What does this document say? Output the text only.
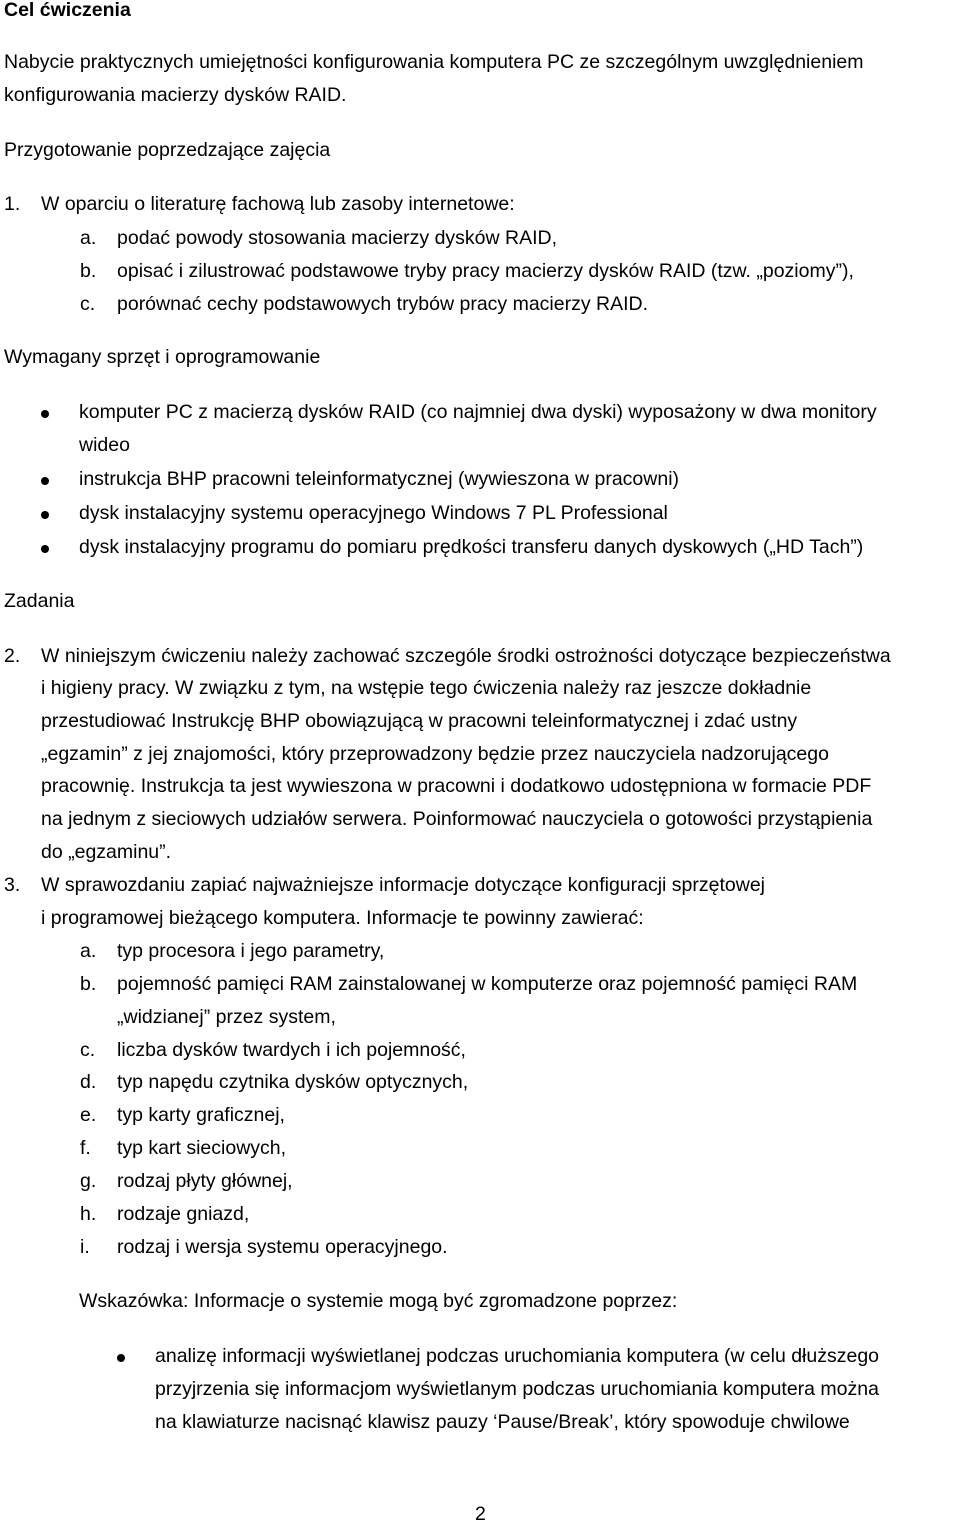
Cel ćwiczenia
Nabycie praktycznych umiejętności konfigurowania komputera PC ze szczególnym uwzględnieniem
konfigurowania macierzy dysków RAID.
Przygotowanie poprzedzające zajęcia
1. W oparciu o literaturę fachową lub zasoby internetowe:
a. podać powody stosowania macierzy dysków RAID,
b. opisać i zilustrować podstawowe tryby pracy macierzy dysków RAID (tzw. „poziomy”),
c. porównać cechy podstawowych trybów pracy macierzy RAID.
Wymagany sprzęt i oprogramowanie
komputer PC z macierzą dysków RAID (co najmniej dwa dyski) wyposażony w dwa monitory
wideo
instrukcja BHP pracowni teleinformatycznej (wywieszona w pracowni)
dysk instalacyjny systemu operacyjnego Windows 7 PL Professional
dysk instalacyjny programu do pomiaru prędkości transferu danych dyskowych („HD Tach”)
Zadania
2. W niniejszym ćwiczeniu należy zachować szczególe środki ostrożności dotyczące bezpieczeństwa
i higieny pracy. W związku z tym, na wstępie tego ćwiczenia należy raz jeszcze dokładnie
przestudiować Instrukcję BHP obowiązującą w pracowni teleinformatycznej i zdać ustny
„egzamin” z jej znajomości, który przeprowadzony będzie przez nauczyciela nadzorującego
pracownię. Instrukcja ta jest wywieszona w pracowni i dodatkowo udostępniona w formacie PDF
na jednym z sieciowych udziałów serwera. Poinformować nauczyciela o gotowości przystąpienia
do „egzaminu”.
3. W sprawozdaniu zapiać najważniejsze informacje dotyczące konfiguracji sprzętowej
i programowej bieżącego komputera. Informacje te powinny zawierać:
a. typ procesora i jego parametry,
b. pojemność pamięci RAM zainstalowanej w komputerze oraz pojemność pamięci RAM
„widzianej” przez system,
c. liczba dysków twardych i ich pojemność,
d. typ napędu czytnika dysków optycznych,
e. typ karty graficznej,
f. typ kart sieciowych,
g. rodzaj płyty głównej,
h. rodzaje gniazd,
i. rodzaj i wersja systemu operacyjnego.
Wskazówka: Informacje o systemie mogą być zgromadzone poprzez:
analizę informacji wyświetlanej podczas uruchomiania komputera (w celu dłuższego
przyjrzenia się informacjom wyświetlanym podczas uruchomiania komputera można
na klawiaturze nacisnąć klawisz pauzy ‘Pause/Break’, który spowoduje chwilowe
2
